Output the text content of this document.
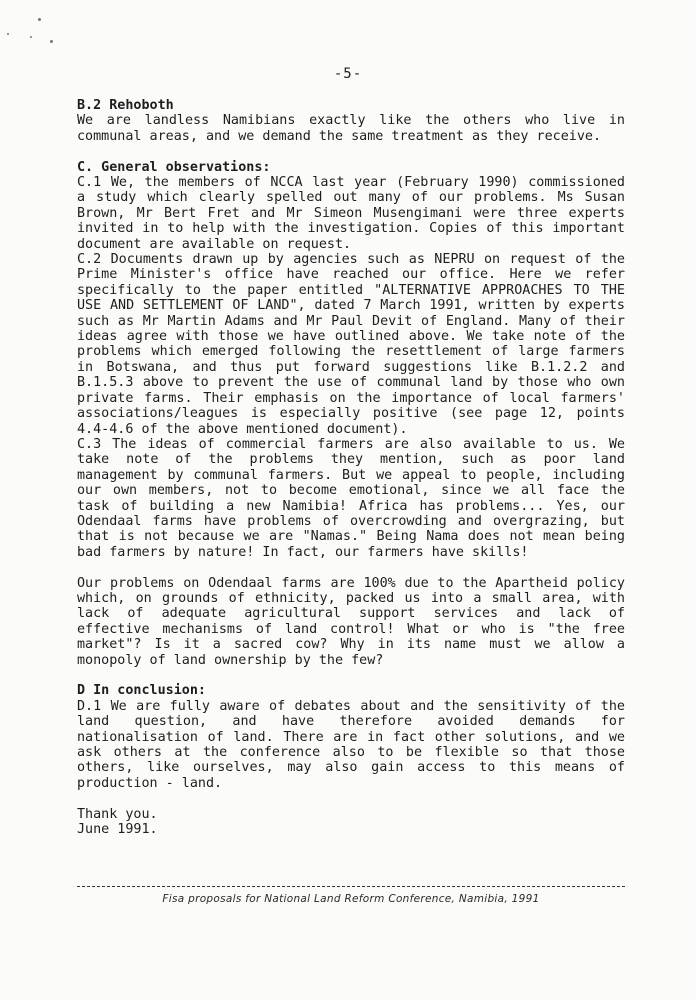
-5-
B.2 Rehoboth

We are landless Namibians exactly like the others who live in communal areas, and we demand the same treatment as they receive.

C. General observations:

C.1 We, the members of NCCA last year (February 1990) commissioned a study which clearly spelled out many of our problems. Ms Susan Brown, Mr Bert Fret and Mr Simeon Musengimani were three experts invited in to help with the investigation. Copies of this important document are available on request.

C.2 Documents drawn up by agencies such as NEPRU on request of the Prime Minister's office have reached our office. Here we refer specifically to the paper entitled "ALTERNATIVE APPROACHES TO THE USE AND SETTLEMENT OF LAND", dated 7 March 1991, written by experts such as Mr Martin Adams and Mr Paul Devit of England. Many of their ideas agree with those we have outlined above. We take note of the problems which emerged following the resettlement of large farmers in Botswana, and thus put forward suggestions like B.1.2.2 and B.1.5.3 above to prevent the use of communal land by those who own private farms. Their emphasis on the importance of local farmers' associations/leagues is especially positive (see page 12, points 4.4-4.6 of the above mentioned document).

C.3 The ideas of commercial farmers are also available to us. We take note of the problems they mention, such as poor land management by communal farmers. But we appeal to people, including our own members, not to become emotional, since we all face the task of building a new Namibia! Africa has problems... Yes, our Odendaal farms have problems of overcrowding and overgrazing, but that is not because we are "Namas." Being Nama does not mean being bad farmers by nature! In fact, our farmers have skills!

Our problems on Odendaal farms are 100% due to the Apartheid policy which, on grounds of ethnicity, packed us into a small area, with lack of adequate agricultural support services and lack of effective mechanisms of land control! What or who is "the free market"? Is it a sacred cow? Why in its name must we allow a monopoly of land ownership by the few?

D In conclusion:

D.1 We are fully aware of debates about and the sensitivity of the land question, and have therefore avoided demands for nationalisation of land. There are in fact other solutions, and we ask others at the conference also to be flexible so that those others, like ourselves, may also gain access to this means of production - land.

Thank you.

June 1991.

Fisa proposals for National Land Reform Conference, Namibia, 1991
